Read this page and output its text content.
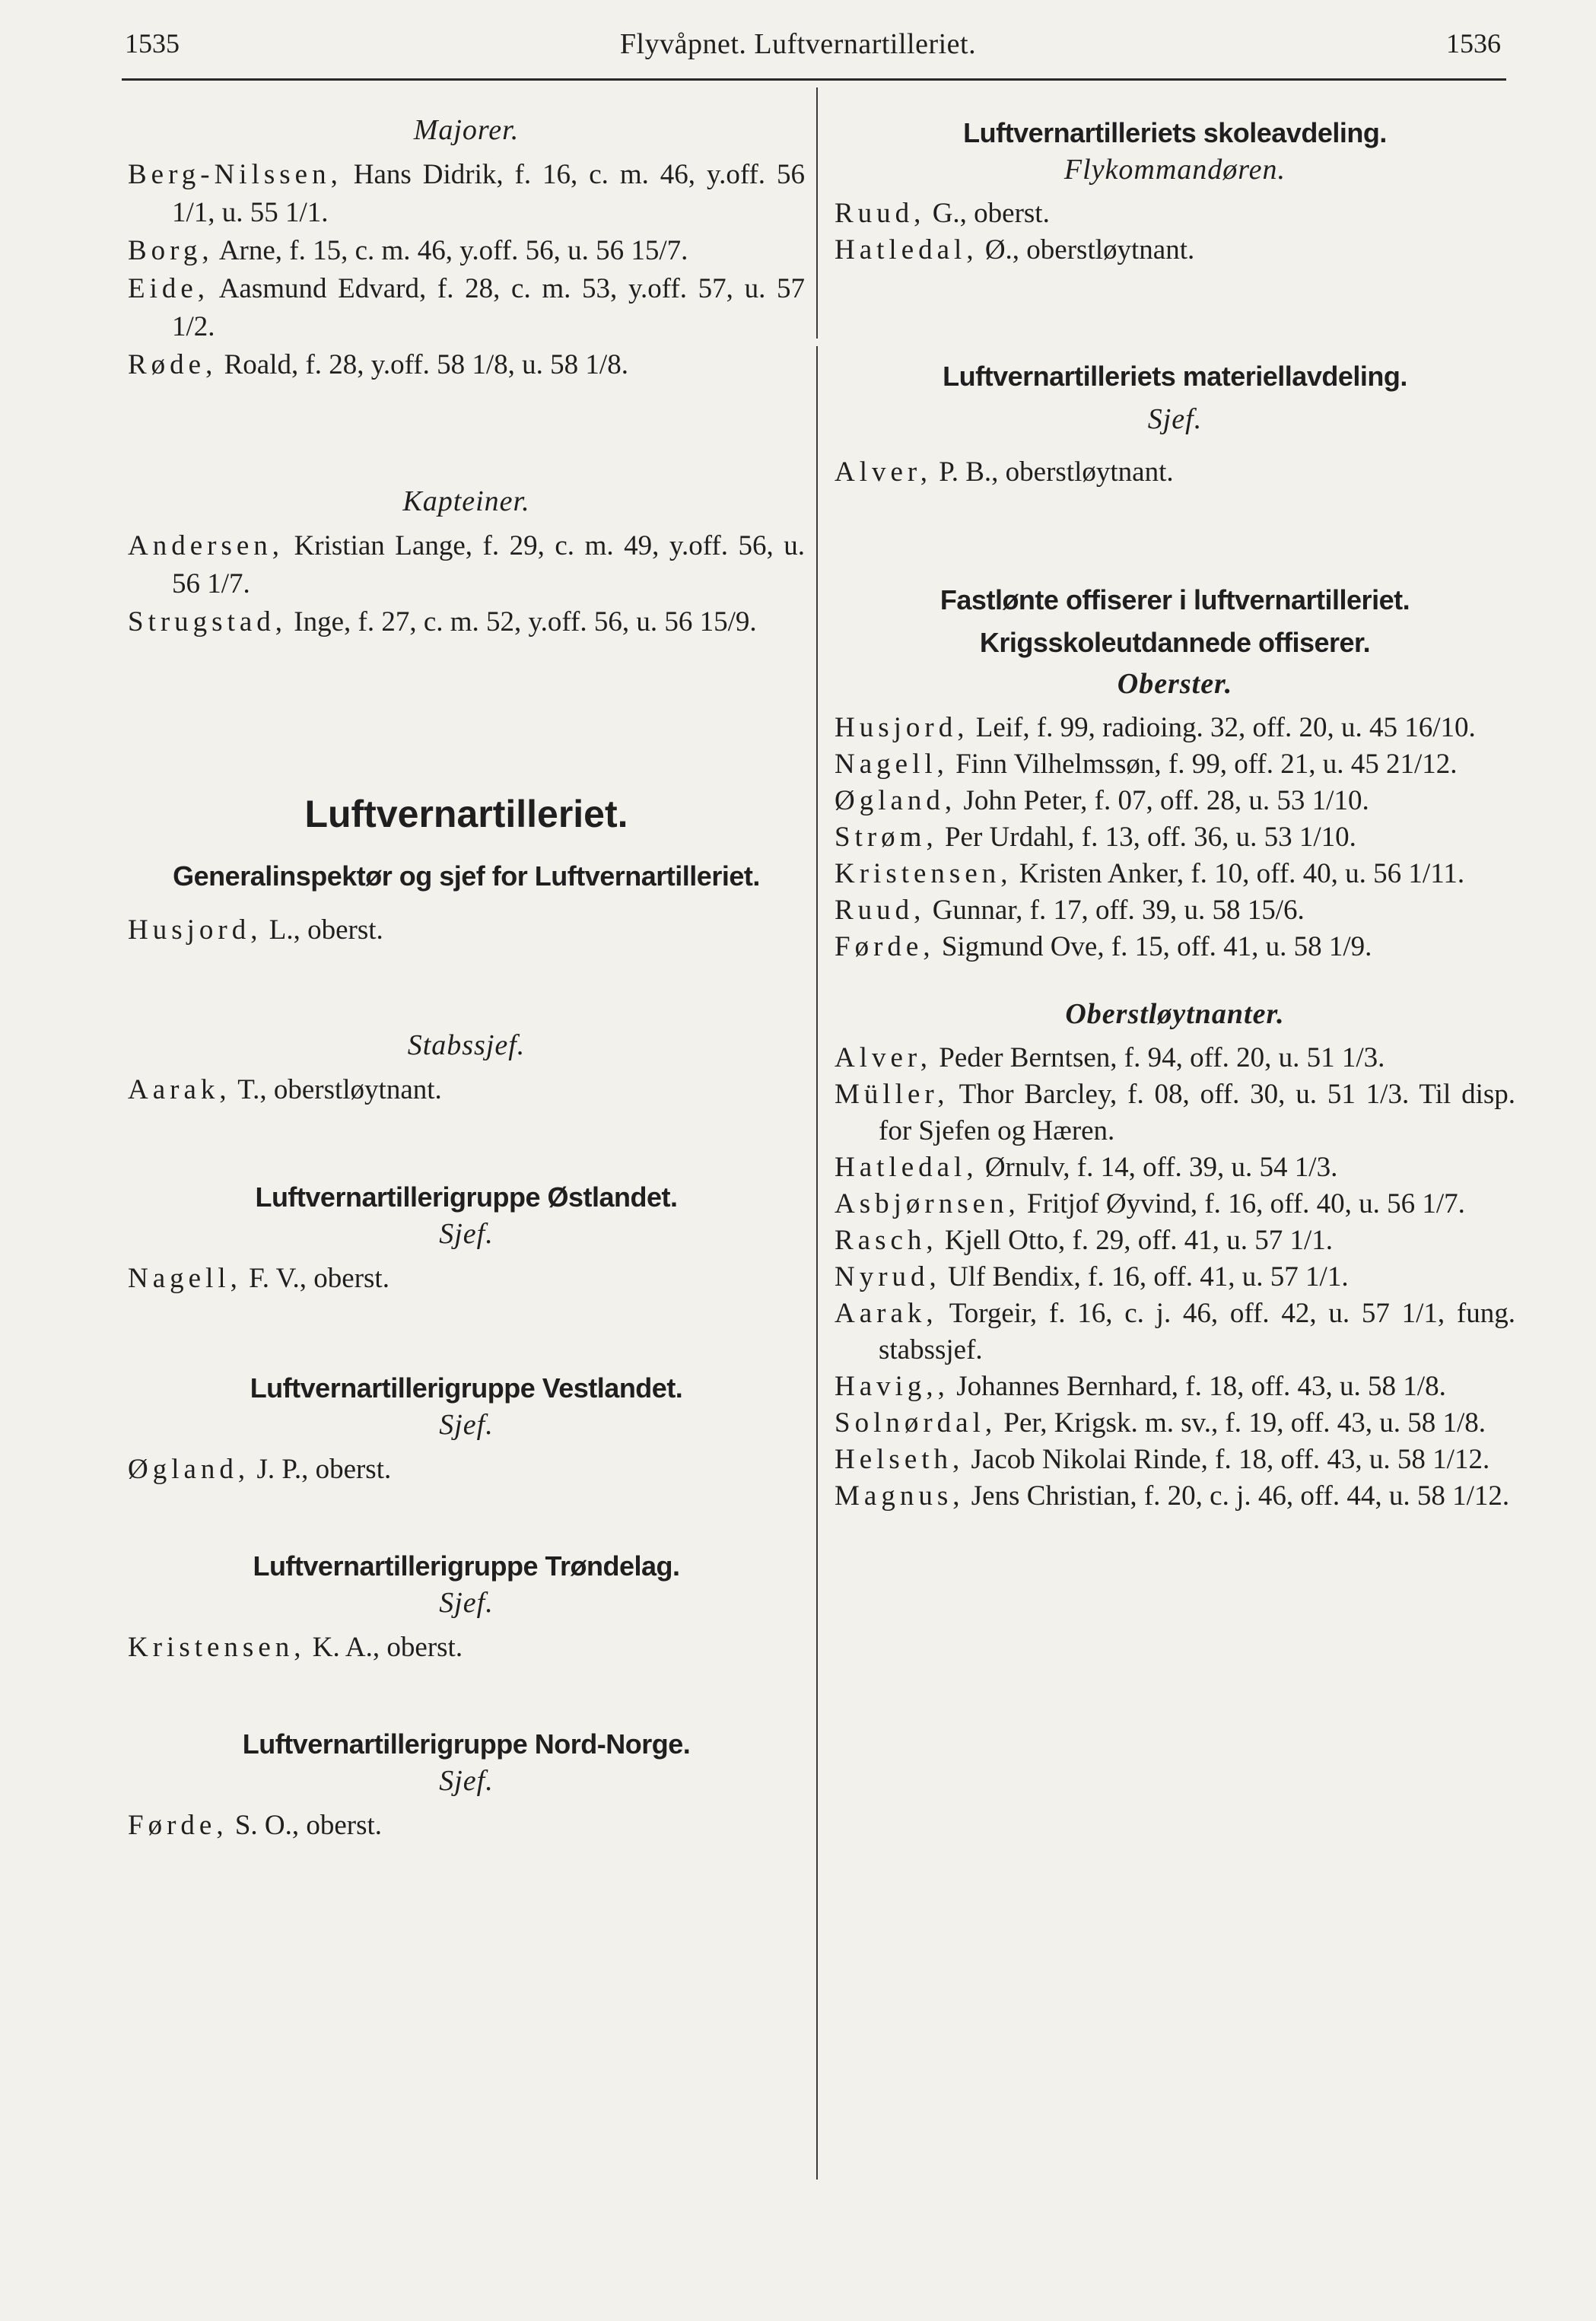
1535	Flyvåpnet. Luftvernartilleriet.	1536
Majorer.
Berg-Nilssen, Hans Didrik, f. 16, c. m. 46, y.off. 56 1/1, u. 55 1/1.
Borg, Arne, f. 15, c. m. 46, y.off. 56, u. 56 15/7.
Eide, Aasmund Edvard, f. 28, c. m. 53, y.off. 57, u. 57 1/2.
Røde, Roald, f. 28, y.off. 58 1/8, u. 58 1/8.
Kapteiner.
Andersen, Kristian Lange, f. 29, c. m. 49, y.off. 56, u. 56 1/7.
Strugstad, Inge, f. 27, c. m. 52, y.off. 56, u. 56 15/9.
Luftvernartilleriet.
Generalinspektør og sjef for Luftvernartilleriet.
Husjord, L., oberst.
Stabssjef.
Aarak, T., oberstløytnant.
Luftvernartillerigruppe Østlandet.
Sjef.
Nagell, F. V., oberst.
Luftvernartillerigruppe Vestlandet.
Sjef.
Øgland, J. P., oberst.
Luftvernartillerigruppe Trøndelag.
Sjef.
Kristensen, K. A., oberst.
Luftvernartillerigruppe Nord-Norge.
Sjef.
Førde, S. O., oberst.
Luftvernartilleriets skoleavdeling.
Flykommandøren.
Ruud, G., oberst.
Hatledal, Ø., oberstløytnant.
Luftvernartilleriets materiellavdeling.
Sjef.
Alver, P. B., oberstløytnant.
Fastlønte offiserer i luftvernartilleriet.
Krigsskoleutdannede offiserer.
Oberster.
Husjord, Leif, f. 99, radioing. 32, off. 20, u. 45 16/10.
Nagell, Finn Vilhelmssøn, f. 99, off. 21, u. 45 21/12.
Øgland, John Peter, f. 07, off. 28, u. 53 1/10.
Strøm, Per Urdahl, f. 13, off. 36, u. 53 1/10.
Kristensen, Kristen Anker, f. 10, off. 40, u. 56 1/11.
Ruud, Gunnar, f. 17, off. 39, u. 58 15/6.
Førde, Sigmund Ove, f. 15, off. 41, u. 58 1/9.
Oberstløytnanter.
Alver, Peder Berntsen, f. 94, off. 20, u. 51 1/3.
Müller, Thor Barcley, f. 08, off. 30, u. 51 1/3. Til disp. for Sjefen og Hæren.
Hatledal, Ørnulv, f. 14, off. 39, u. 54 1/3.
Asbjørnsen, Fritjof Øyvind, f. 16, off. 40, u. 56 1/7.
Rasch, Kjell Otto, f. 29, off. 41, u. 57 1/1.
Nyrud, Ulf Bendix, f. 16, off. 41, u. 57 1/1.
Aarak, Torgeir, f. 16, c. j. 46, off. 42, u. 57 1/1, fung. stabssjef.
Havig,, Johannes Bernhard, f. 18, off. 43, u. 58 1/8.
Solnørdal, Per, Krigsk. m. sv., f. 19, off. 43, u. 58 1/8.
Helseth, Jacob Nikolai Rinde, f. 18, off. 43, u. 58 1/12.
Magnus, Jens Christian, f. 20, c. j. 46, off. 44, u. 58 1/12.
